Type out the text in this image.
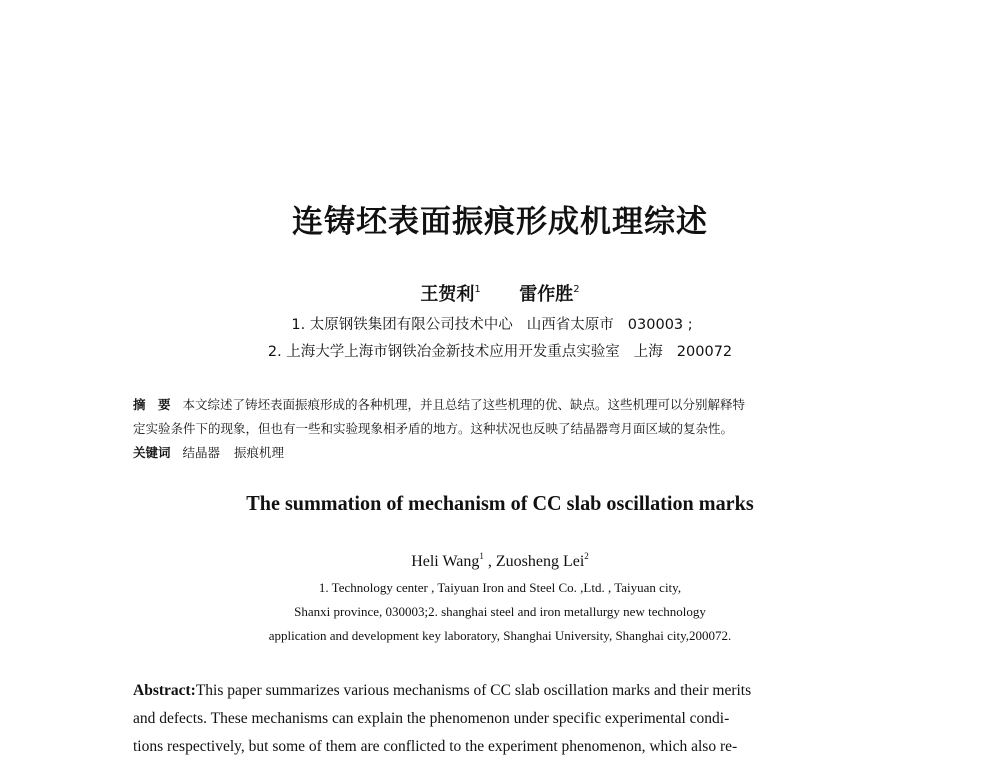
连铸坯表面振痕形成机理综述
王贺利$^1$ 雷作胜$^2$
1. 太原钢铁集团有限公司技术中心 山西省太原市 030003 ;
2. 上海大学上海市钢铁冶金新技术应用开发重点实验室 上海 200072
摘　要 本文综述了铸坯表面振痕形成的各种机理，并且总结了这些机理的优、缺点。这些机理可以分别解释特
定实验条件下的现象，但也有一些和实验现象相矛盾的地方。这种状况也反映了结晶器弯月面区域的复杂性。
关键词 结晶器 振痕机理
The summation of mechanism of CC slab oscillation marks
Heli Wang$^1$ , Zuosheng Lei$^2$
1. Technology center , Taiyuan Iron and Steel Co. ,Ltd. , Taiyuan city,
Shanxi province, 030003;2. shanghai steel and iron metallurgy new technology
application and development key laboratory, Shanghai University, Shanghai city,200072.
Abstract: This paper summarizes various mechanisms of CC slab oscillation marks and their merits
and defects. These mechanisms can explain the phenomenon under specific experimental condi-
tions respectively, but some of them are conflicted to the experiment phenomenon, which also re-
